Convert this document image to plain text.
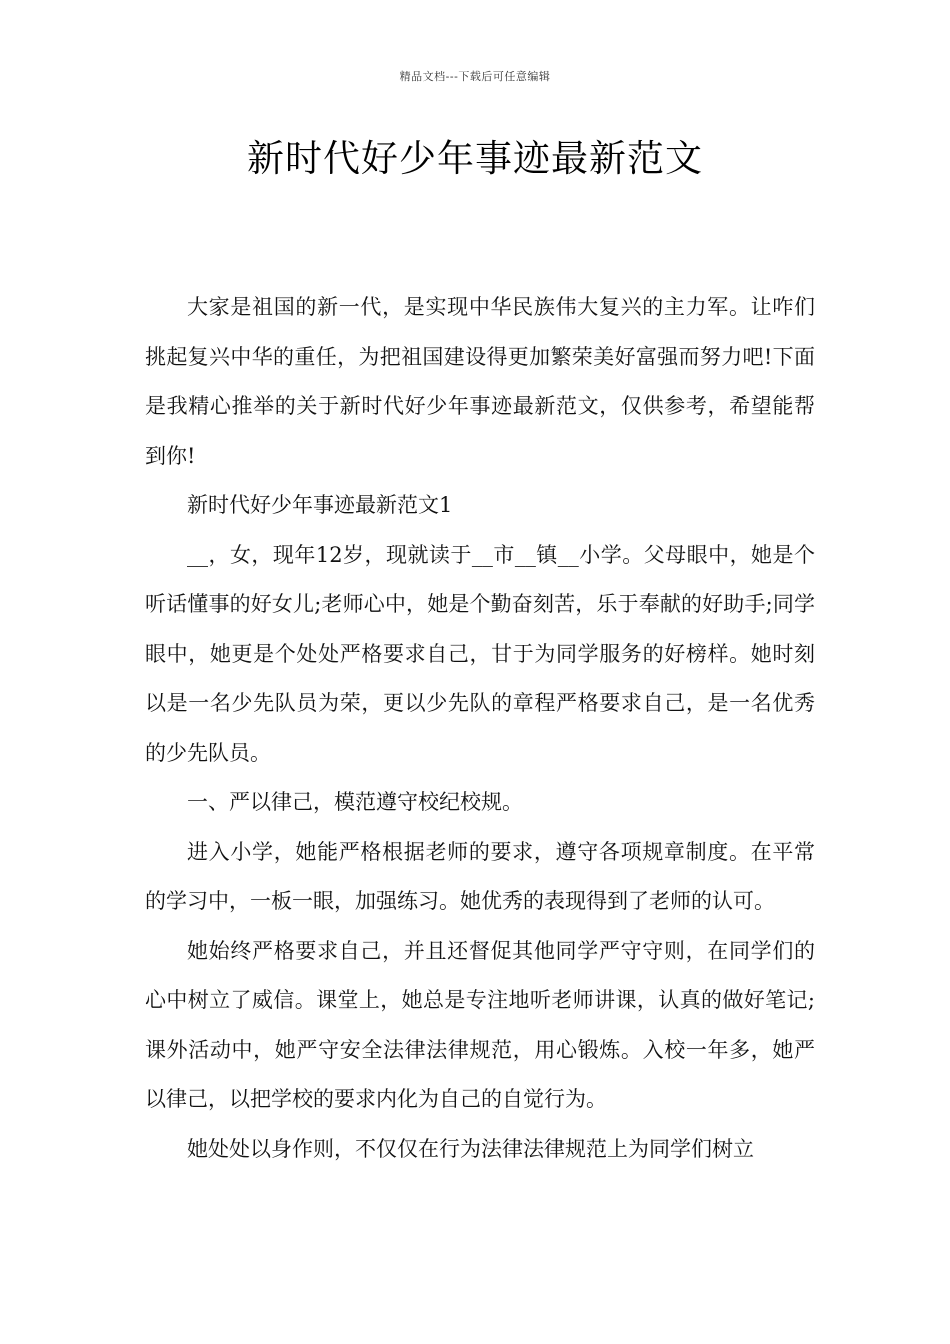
精品文档---下载后可任意编辑
新时代好少年事迹最新范文

大家是祖国的新一代，是实现中华民族伟大复兴的主力军。让咋们挑起复兴中华的重任，为把祖国建设得更加繁荣美好富强而努力吧!下面是我精心推举的关于新时代好少年事迹最新范文，仅供参考，希望能帮到你!

新时代好少年事迹最新范文1

__，女，现年12岁，现就读于__市__镇__小学。父母眼中，她是个听话懂事的好女儿;老师心中，她是个勤奋刻苦，乐于奉献的好助手;同学眼中，她更是个处处严格要求自己，甘于为同学服务的好榜样。她时刻以是一名少先队员为荣，更以少先队的章程严格要求自己，是一名优秀的少先队员。

一、严以律己，模范遵守校纪校规。

进入小学，她能严格根据老师的要求，遵守各项规章制度。在平常的学习中，一板一眼，加强练习。她优秀的表现得到了老师的认可。

她始终严格要求自己，并且还督促其他同学严守守则，在同学们的心中树立了威信。课堂上，她总是专注地听老师讲课，认真的做好笔记;课外活动中，她严守安全法律法律规范，用心锻炼。入校一年多，她严以律己，以把学校的要求内化为自己的自觉行为。

她处处以身作则，不仅仅在行为法律法律规范上为同学们树立
